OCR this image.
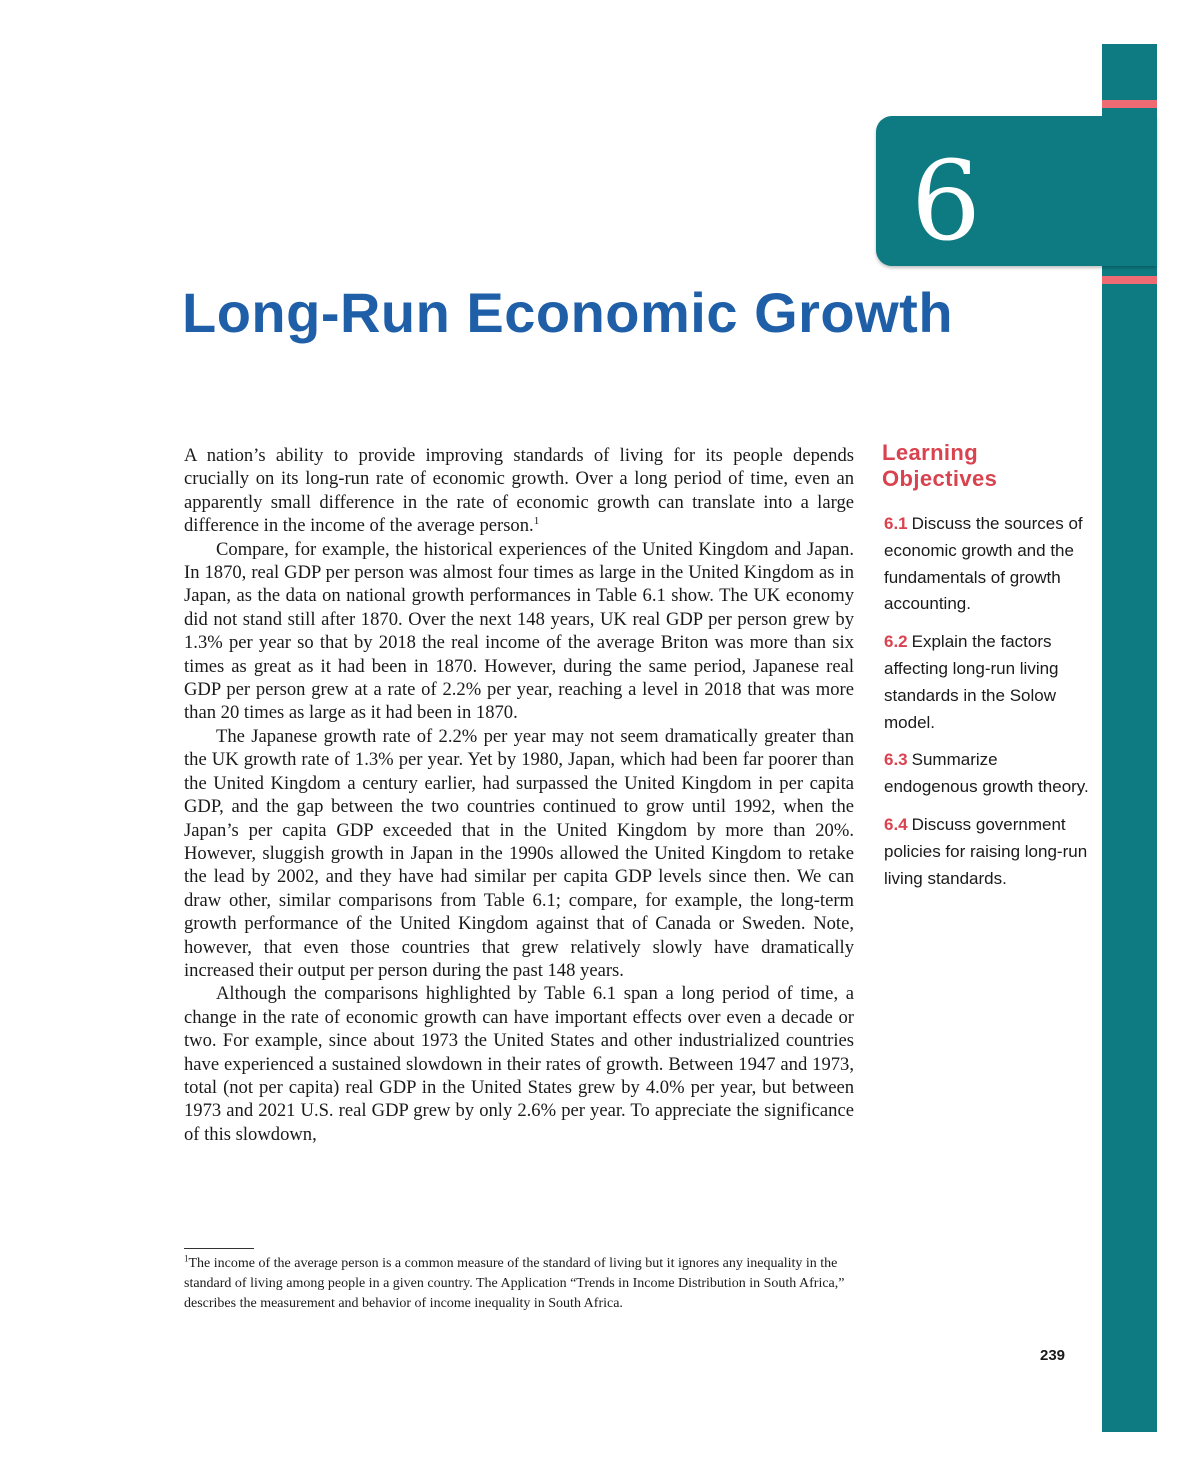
6
Long-Run Economic Growth

A nation’s ability to provide improving standards of living for its people depends crucially on its long-run rate of economic growth. Over a long period of time, even an apparently small difference in the rate of economic growth can translate into a large difference in the income of the average person.$^1$

Compare, for example, the historical experiences of the United Kingdom and Japan. In 1870, real GDP per person was almost four times as large in the United Kingdom as in Japan, as the data on national growth performances in Table 6.1 show. The UK economy did not stand still after 1870. Over the next 148 years, UK real GDP per person grew by 1.3% per year so that by 2018 the real income of the average Briton was more than six times as great as it had been in 1870. However, during the same period, Japanese real GDP per person grew at a rate of 2.2% per year, reaching a level in 2018 that was more than 20 times as large as it had been in 1870.

The Japanese growth rate of 2.2% per year may not seem dramatically greater than the UK growth rate of 1.3% per year. Yet by 1980, Japan, which had been far poorer than the United Kingdom a century earlier, had surpassed the United Kingdom in per capita GDP, and the gap between the two countries continued to grow until 1992, when the Japan’s per capita GDP exceeded that in the United Kingdom by more than 20%. However, sluggish growth in Japan in the 1990s allowed the United Kingdom to retake the lead by 2002, and they have had similar per capita GDP levels since then. We can draw other, similar comparisons from Table 6.1; compare, for example, the long-term growth performance of the United Kingdom against that of Canada or Sweden. Note, however, that even those countries that grew relatively slowly have dramatically increased their output per person during the past 148 years.

Although the comparisons highlighted by Table 6.1 span a long period of time, a change in the rate of economic growth can have important effects over even a decade or two. For example, since about 1973 the United States and other industrialized countries have experienced a sustained slowdown in their rates of growth. Between 1947 and 1973, total (not per capita) real GDP in the United States grew by 4.0% per year, but between 1973 and 2021 U.S. real GDP grew by only 2.6% per year. To appreciate the significance of this slowdown,

$^1$The income of the average person is a common measure of the standard of living but it ignores any inequality in the standard of living among people in a given country. The Application “Trends in Income Distribution in South Africa,” describes the measurement and behavior of income inequality in South Africa.
239
Learning
Objectives
6.1 Discuss the sources of economic growth and the fundamentals of growth accounting.
6.2 Explain the factors affecting long-run living standards in the Solow model.
6.3 Summarize endogenous growth theory.
6.4 Discuss government policies for raising long-run living standards.
